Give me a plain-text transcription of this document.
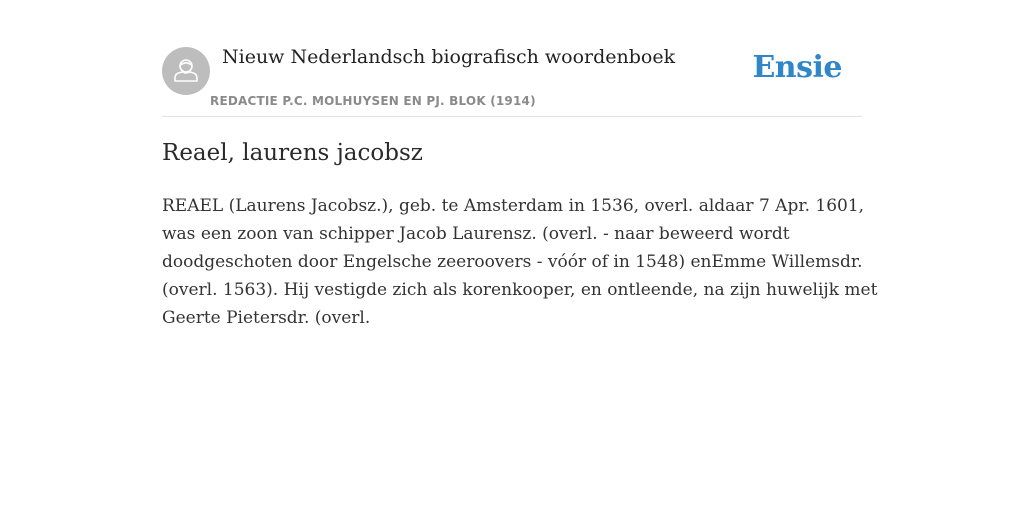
Nieuw Nederlandsch biografisch woordenboek
REDACTIE P.C. MOLHUYSEN EN PJ. BLOK (1914)
Ensie
Reael, laurens jacobsz

REAEL (Laurens Jacobsz.), geb. te Amsterdam in 1536, overl. aldaar 7 Apr. 1601,
was een zoon van schipper Jacob Laurensz. (overl. - naar beweerd wordt
doodgeschoten door Engelsche zeeroovers - vóór of in 1548) enEmme Willemsdr.
(overl. 1563). Hij vestigde zich als korenkooper, en ontleende, na zijn huwelijk met
Geerte Pietersdr. (overl.
